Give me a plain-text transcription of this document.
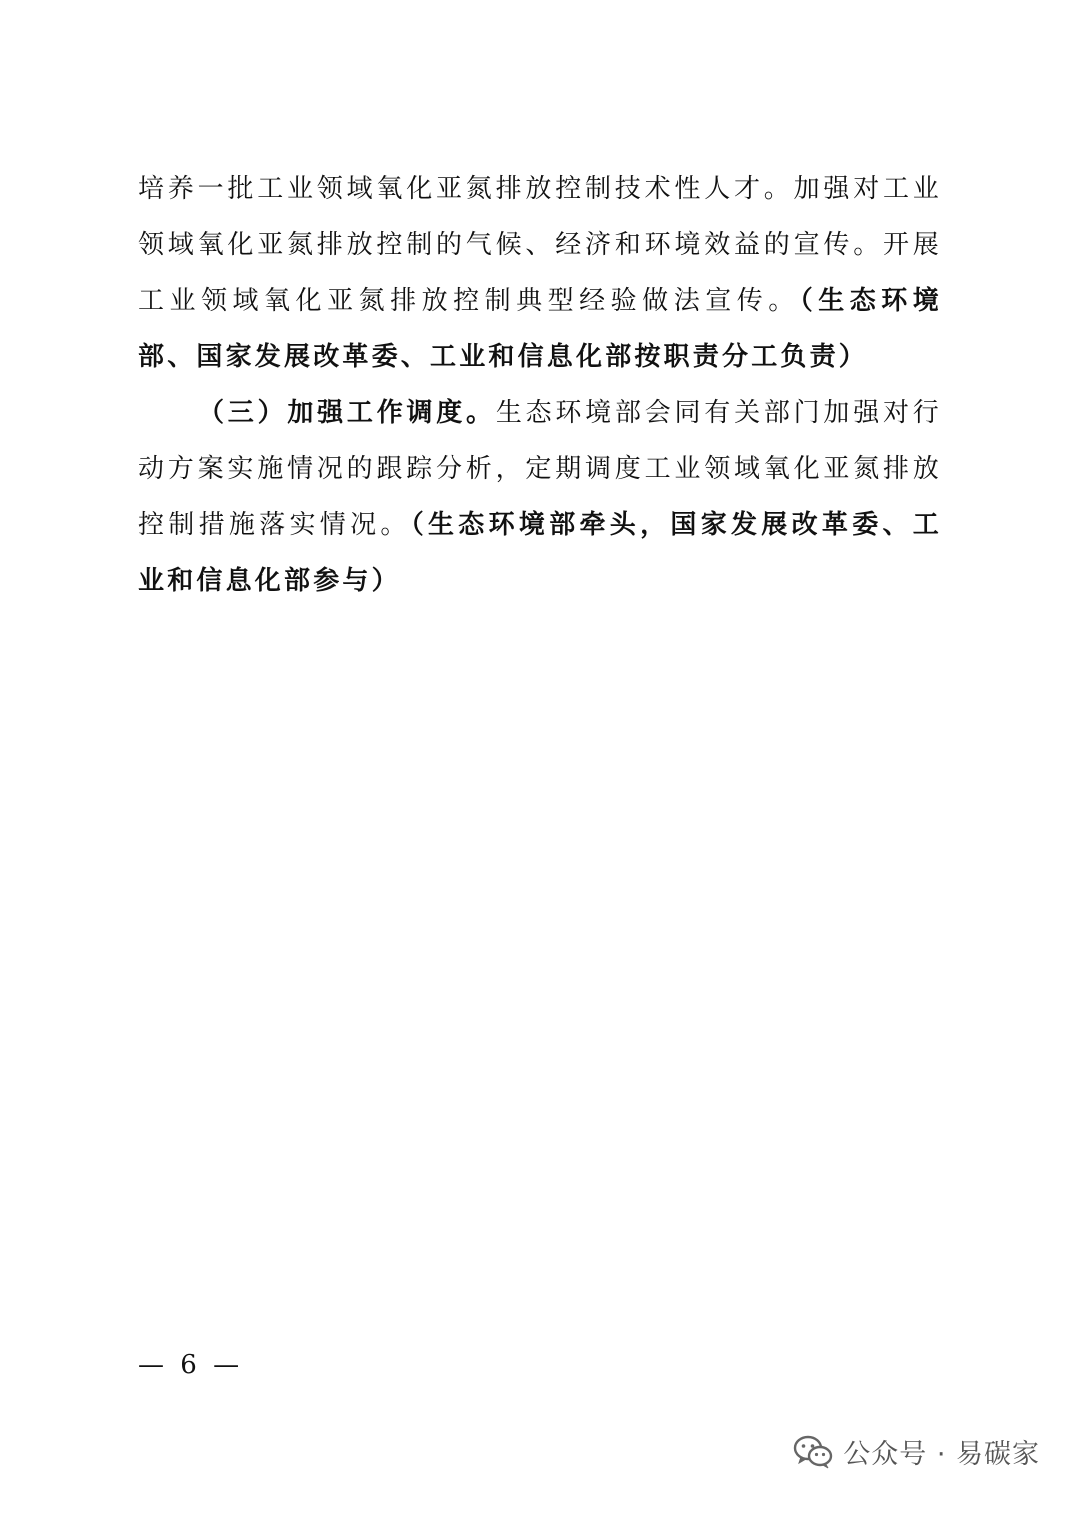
培养一批工业领域氧化亚氮排放控制技术性人才。加强对工业领域氧化亚氮排放控制的气候、经济和环境效益的宣传。开展工业领域氧化亚氮排放控制典型经验做法宣传。（生态环境部、国家发展改革委、工业和信息化部按职责分工负责）

（三）加强工作调度。生态环境部会同有关部门加强对行动方案实施情况的跟踪分析，定期调度工业领域氧化亚氮排放控制措施落实情况。（生态环境部牵头，国家发展改革委、工业和信息化部参与）

— 6 —
公众号 · 易碳家
